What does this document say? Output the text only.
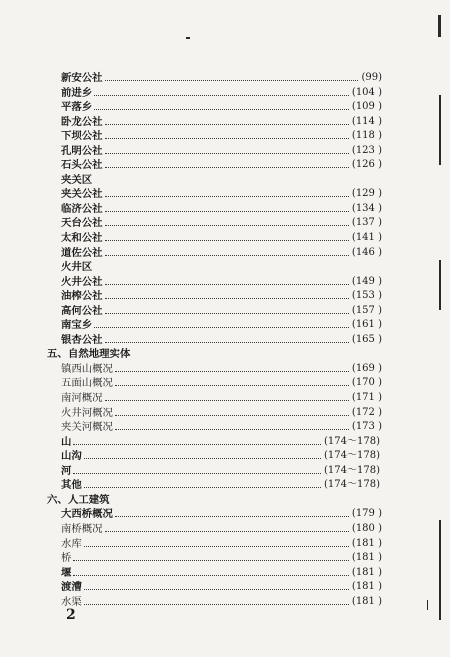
新安公社	(99)
前进乡	(104 )
平落乡	(109 )
卧龙公社	(114 )
下坝公社	(118 )
孔明公社	(123 )
石头公社	(126 )
夹关区
夹关公社	(129 )
临济公社	(134 )
天台公社	(137 )
太和公社	(141 )
道佐公社	(146 )
火井区
火井公社	(149 )
油榨公社	(153 )
高何公社	(157 )
南宝乡	(161 )
银杏公社	(165 )
五、 自然地理实体
镇西山概况	(169 )
五面山概况	(170 )
南河概况	(171 )
火井河概况	(172 )
夹关河概况	(173 )
山	(174～178)
山沟	(174～178)
河	(174～178)
其他	(174～178)
六、 人工建筑
大西桥概况	(179 )
南桥概况	(180 )
水库	(181 )
桥	(181 )
堰	(181 )
渡漕	(181 )
水渠	(181 )
2
